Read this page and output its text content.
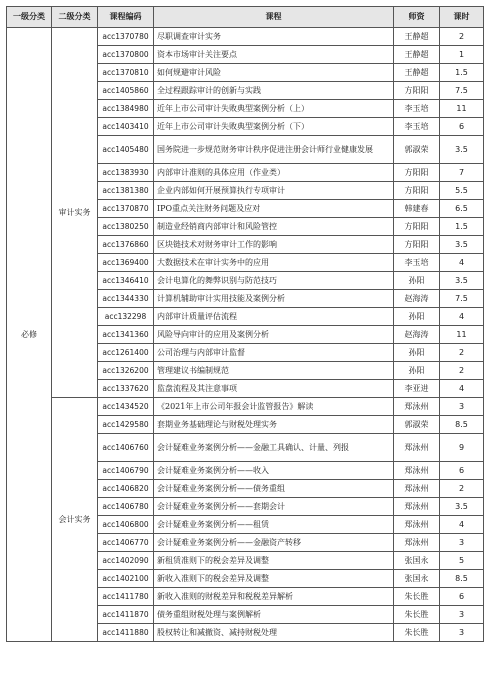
一级分类	二级分类	课程编码	课程	师资	课时
必修	审计实务	acc1370780	尽职调查审计实务	王静超	2
		acc1370800	资本市场审计关注要点	王静超	1
		acc1370810	如何规避审计风险	王静超	1.5
		acc1405860	全过程跟踪审计的创新与实践	方阳阳	7.5
		acc1384980	近年上市公司审计失败典型案例分析（上）	李玉培	11
		acc1403410	近年上市公司审计失败典型案例分析（下）	李玉培	6
		acc1405480	国务院进一步规范财务审计秩序促进注册会计师行业健康发展	郭淑荣	3.5
		acc1383930	内部审计准则的具体应用（作业类）	方阳阳	7
		acc1381380	企业内部如何开展预算执行专项审计	方阳阳	5.5
		acc1370870	IPO重点关注财务问题及应对	韩建春	6.5
		acc1380250	制造业经销商内部审计和风险管控	方阳阳	1.5
		acc1376860	区块链技术对财务审计工作的影响	方阳阳	3.5
		acc1369400	大数据技术在审计实务中的应用	李玉培	4
		acc1346410	会计电算化的舞弊识别与防范技巧	孙阳	3.5
		acc1344330	计算机辅助审计实用技能及案例分析	赵海涛	7.5
		acc132298	内部审计质量评估流程	孙阳	4
		acc1341360	风险导向审计的应用及案例分析	赵海涛	11
		acc1261400	公司治理与内部审计监督	孙阳	2
		acc1326200	管理建议书编制规范	孙阳	2
		acc1337620	监盘流程及其注意事项	李亚进	4
	会计实务	acc1434520	《2021年上市公司年报会计监管报告》解读	郑泳州	3
		acc1429580	套期业务基础理论与财税处理实务	郭淑荣	8.5
		acc1406760	会计疑难业务案例分析——金融工具确认、计量、列报	郑泳州	9
		acc1406790	会计疑难业务案例分析——收入	郑泳州	6
		acc1406820	会计疑难业务案例分析——债务重组	郑泳州	2
		acc1406780	会计疑难业务案例分析——套期会计	郑泳州	3.5
		acc1406800	会计疑难业务案例分析——租赁	郑泳州	4
		acc1406770	会计疑难业务案例分析——金融资产转移	郑泳州	3
		acc1402090	新租赁准则下的税会差异及调整	张国永	5
		acc1402100	新收入准则下的税会差异及调整	张国永	8.5
		acc1411780	新收入准则的财税差异和税税差异解析	朱长胜	6
		acc1411870	债务重组财税处理与案例解析	朱长胜	3
		acc1411880	股权转让和减撤资、减持财税处理	朱长胜	3
